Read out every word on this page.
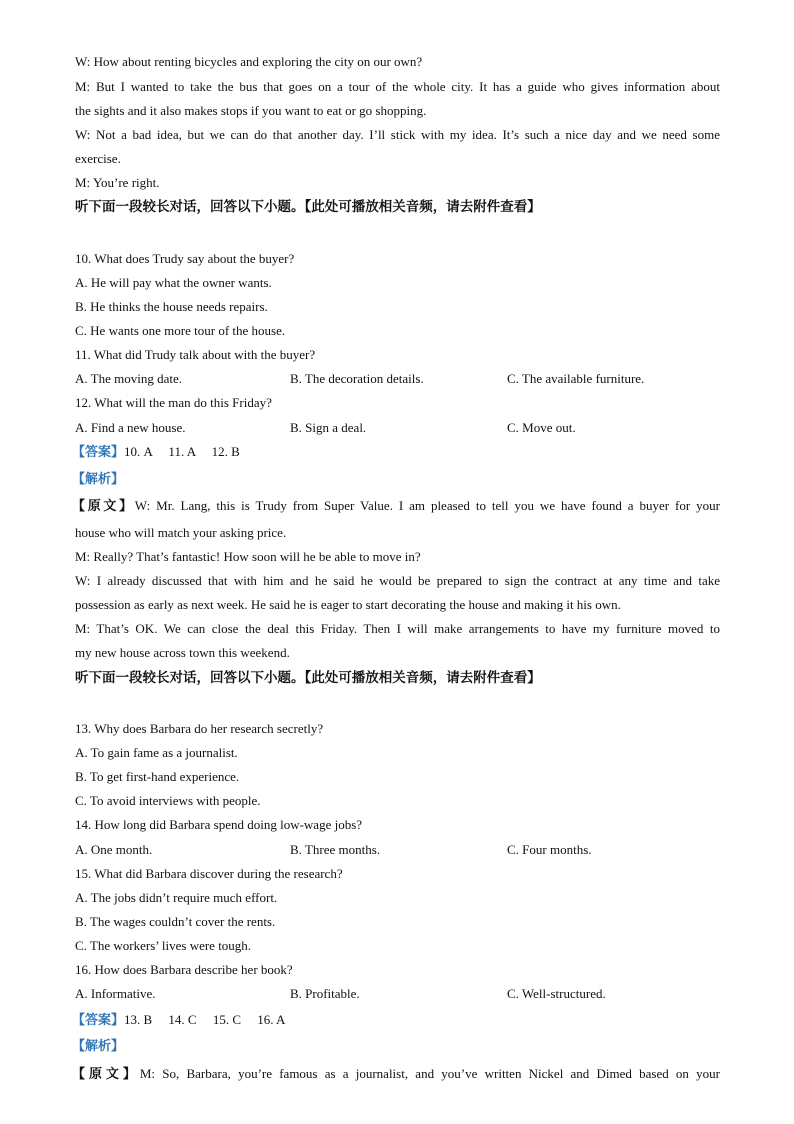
W: How about renting bicycles and exploring the city on our own?
M: But I wanted to take the bus that goes on a tour of the whole city. It has a guide who gives information about
the sights and it also makes stops if you want to eat or go shopping.
W: Not a bad idea, but we can do that another day. I’ll stick with my idea. It’s such a nice day and we need some
exercise.
M: You’re right.
听下面一段较长对话，回答以下小题。【此处可播放相关音频，请去附件查看】
10. What does Trudy say about the buyer?
A. He will pay what the owner wants.
B. He thinks the house needs repairs.
C. He wants one more tour of the house.
11. What did Trudy talk about with the buyer?
A. The moving date.	B. The decoration details.	C. The available furniture.
12. What will the man do this Friday?
A. Find a new house.	B. Sign a deal.	C. Move out.
【答案】10. A     11. A     12. B
【解析】
【原文】W: Mr. Lang, this is Trudy from Super Value. I am pleased to tell you we have found a buyer for your
house who will match your asking price.
M: Really? That’s fantastic! How soon will he be able to move in?
W: I already discussed that with him and he said he would be prepared to sign the contract at any time and take
possession as early as next week. He said he is eager to start decorating the house and making it his own.
M: That’s OK. We can close the deal this Friday. Then I will make arrangements to have my furniture moved to
my new house across town this weekend.
听下面一段较长对话，回答以下小题。【此处可播放相关音频，请去附件查看】
13. Why does Barbara do her research secretly?
A. To gain fame as a journalist.
B. To get first-hand experience.
C. To avoid interviews with people.
14. How long did Barbara spend doing low-wage jobs?
A. One month.	B. Three months.	C. Four months.
15. What did Barbara discover during the research?
A. The jobs didn’t require much effort.
B. The wages couldn’t cover the rents.
C. The workers’ lives were tough.
16. How does Barbara describe her book?
A. Informative.	B. Profitable.	C. Well-structured.
【答案】13. B     14. C     15. C     16. A
【解析】
【原文】M: So, Barbara, you’re famous as a journalist, and you’ve written Nickel and Dimed based on your
